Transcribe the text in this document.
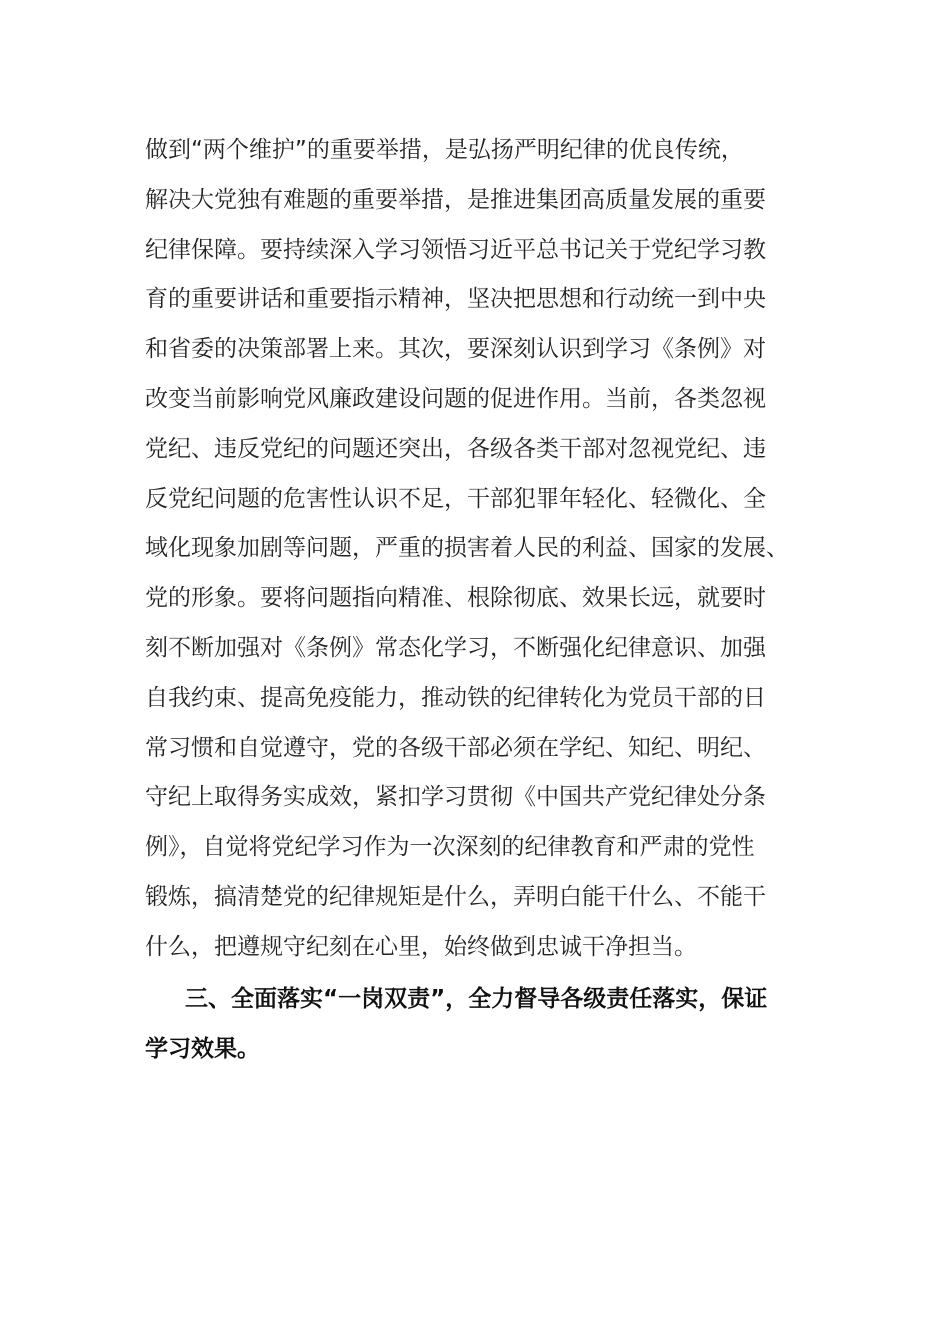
做到“两个维护”的重要举措，是弘扬严明纪律的优良传统，
解决大党独有难题的重要举措，是推进集团高质量发展的重要
纪律保障。要持续深入学习领悟习近平总书记关于党纪学习教
育的重要讲话和重要指示精神，坚决把思想和行动统一到中央
和省委的决策部署上来。其次，要深刻认识到学习《条例》对
改变当前影响党风廉政建设问题的促进作用。当前，各类忽视
党纪、违反党纪的问题还突出，各级各类干部对忽视党纪、违
反党纪问题的危害性认识不足，干部犯罪年轻化、轻微化、全
域化现象加剧等问题，严重的损害着人民的利益、国家的发展、
党的形象。要将问题指向精准、根除彻底、效果长远，就要时
刻不断加强对《条例》常态化学习，不断强化纪律意识、加强
自我约束、提高免疫能力，推动铁的纪律转化为党员干部的日
常习惯和自觉遵守，党的各级干部必须在学纪、知纪、明纪、
守纪上取得务实成效，紧扣学习贯彻《中国共产党纪律处分条
例》，自觉将党纪学习作为一次深刻的纪律教育和严肃的党性
锻炼，搞清楚党的纪律规矩是什么，弄明白能干什么、不能干
什么，把遵规守纪刻在心里，始终做到忠诚干净担当。

三、全面落实“一岗双责”，全力督导各级责任落实，保证
学习效果。
